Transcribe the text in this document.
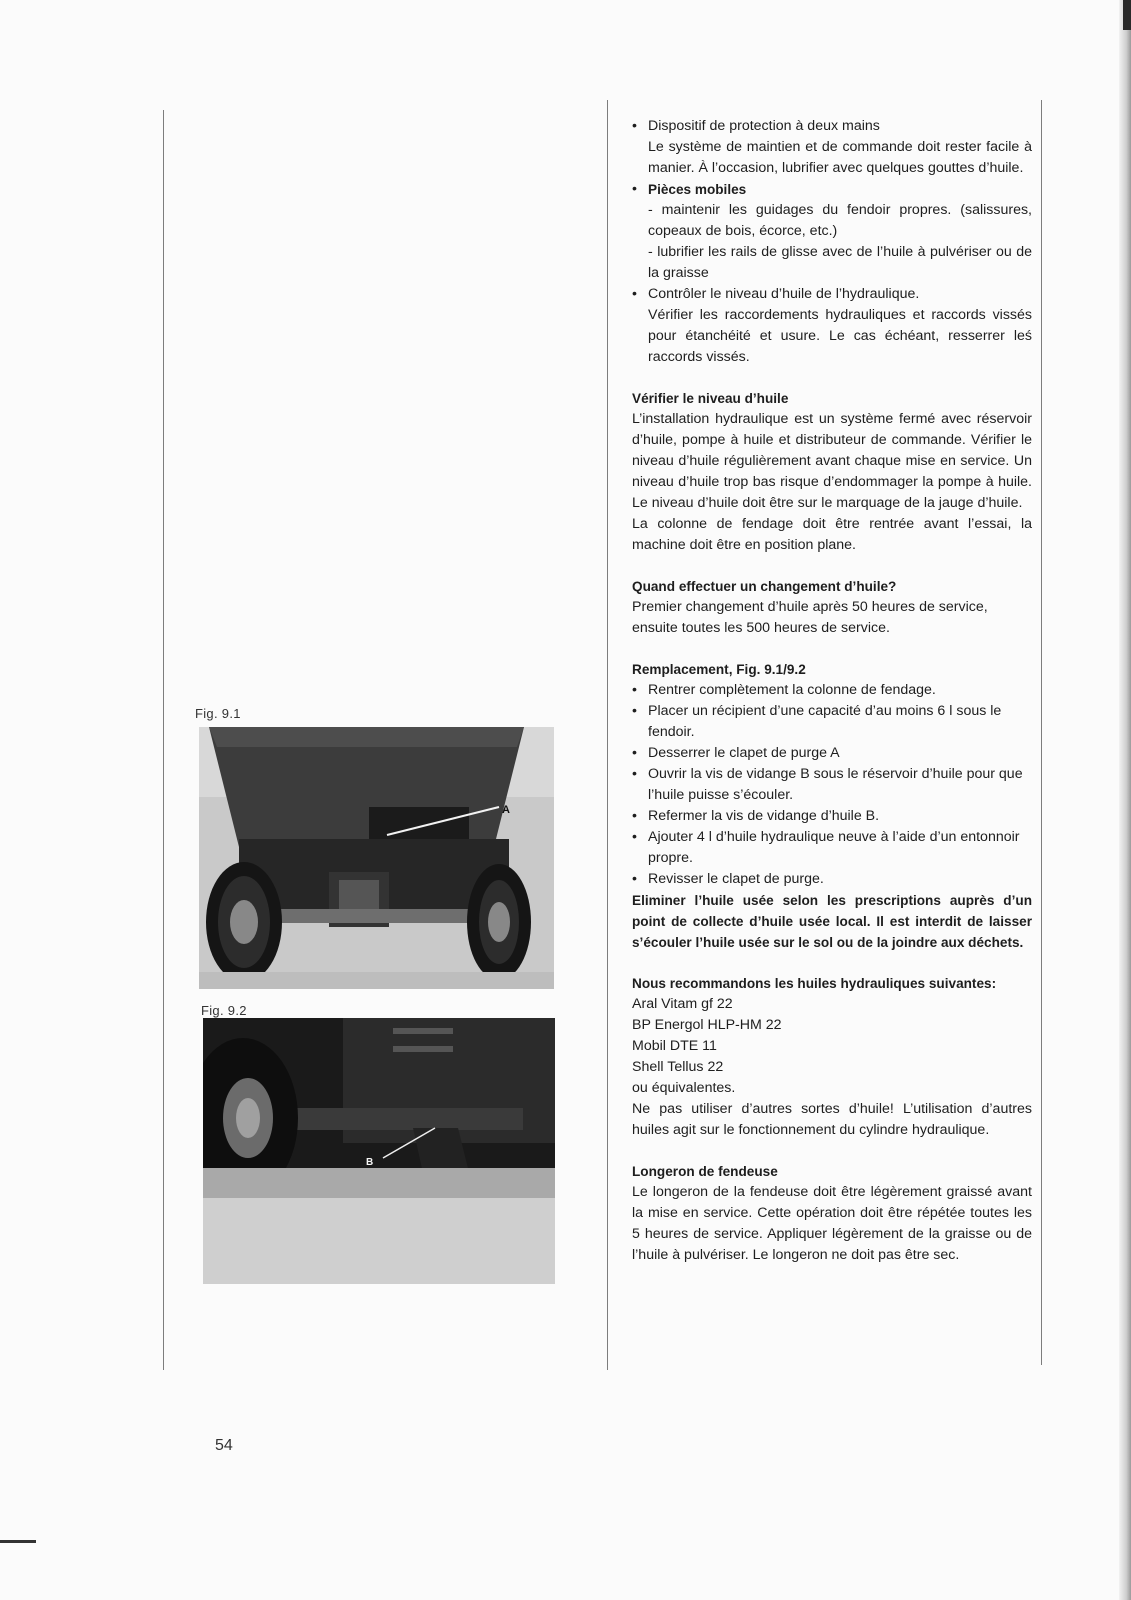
Fig. 9.1
A
Fig. 9.2
B
54

• Dispositif de protection à deux mains

Le système de maintien et de commande doit rester facile à manier. À l’occasion, lubrifier avec quelques gouttes d’huile.

• Pièces mobiles

- maintenir les guidages du fendoir propres. (salissures, copeaux de bois, écorce, etc.)

- lubrifier les rails de glisse avec de l’huile à pulvériser ou de la graisse

• Contrôler le niveau d’huile de l’hydraulique.

Vérifier les raccordements hydrauliques et raccords vissés pour étanchéité et usure. Le cas échéant, resserrer leś raccords vissés.

Vérifier le niveau d’huile

L’installation hydraulique est un système fermé avec réservoir d’huile, pompe à huile et distributeur de commande. Vérifier le niveau d’huile régulièrement avant chaque mise en service. Un niveau d’huile trop bas risque d’endommager la pompe à huile. Le niveau d’huile doit être sur le marquage de la jauge d’huile.

La colonne de fendage doit être rentrée avant l’essai, la machine doit être en position plane.

Quand effectuer un changement d’huile?

Premier changement d’huile après 50 heures de service, ensuite toutes les 500 heures de service.

Remplacement, Fig. 9.1/9.2

• Rentrer complètement la colonne de fendage.
• Placer un récipient d’une capacité d’au moins 6 l sous le fendoir.
• Desserrer le clapet de purge A
• Ouvrir la vis de vidange B sous le réservoir d’huile pour que l’huile puisse s’écouler.
• Refermer la vis de vidange d’huile B.
• Ajouter 4 l d’huile hydraulique neuve à l’aide d’un entonnoir propre.
• Revisser le clapet de purge.

Eliminer l’huile usée selon les prescriptions auprès d’un point de collecte d’huile usée local. Il est interdit de laisser s’écouler l’huile usée sur le sol ou de la joindre aux déchets.

Nous recommandons les huiles hydrauliques suivantes:

Aral Vitam gf 22

BP Energol HLP-HM 22

Mobil DTE 11

Shell Tellus 22

ou équivalentes.

Ne pas utiliser d’autres sortes d’huile! L’utilisation d’autres huiles agit sur le fonctionnement du cylindre hydraulique.

Longeron de fendeuse

Le longeron de la fendeuse doit être légèrement graissé avant la mise en service. Cette opération doit être répétée toutes les 5 heures de service. Appliquer légèrement de la graisse ou de l’huile à pulvériser. Le longeron ne doit pas être sec.
